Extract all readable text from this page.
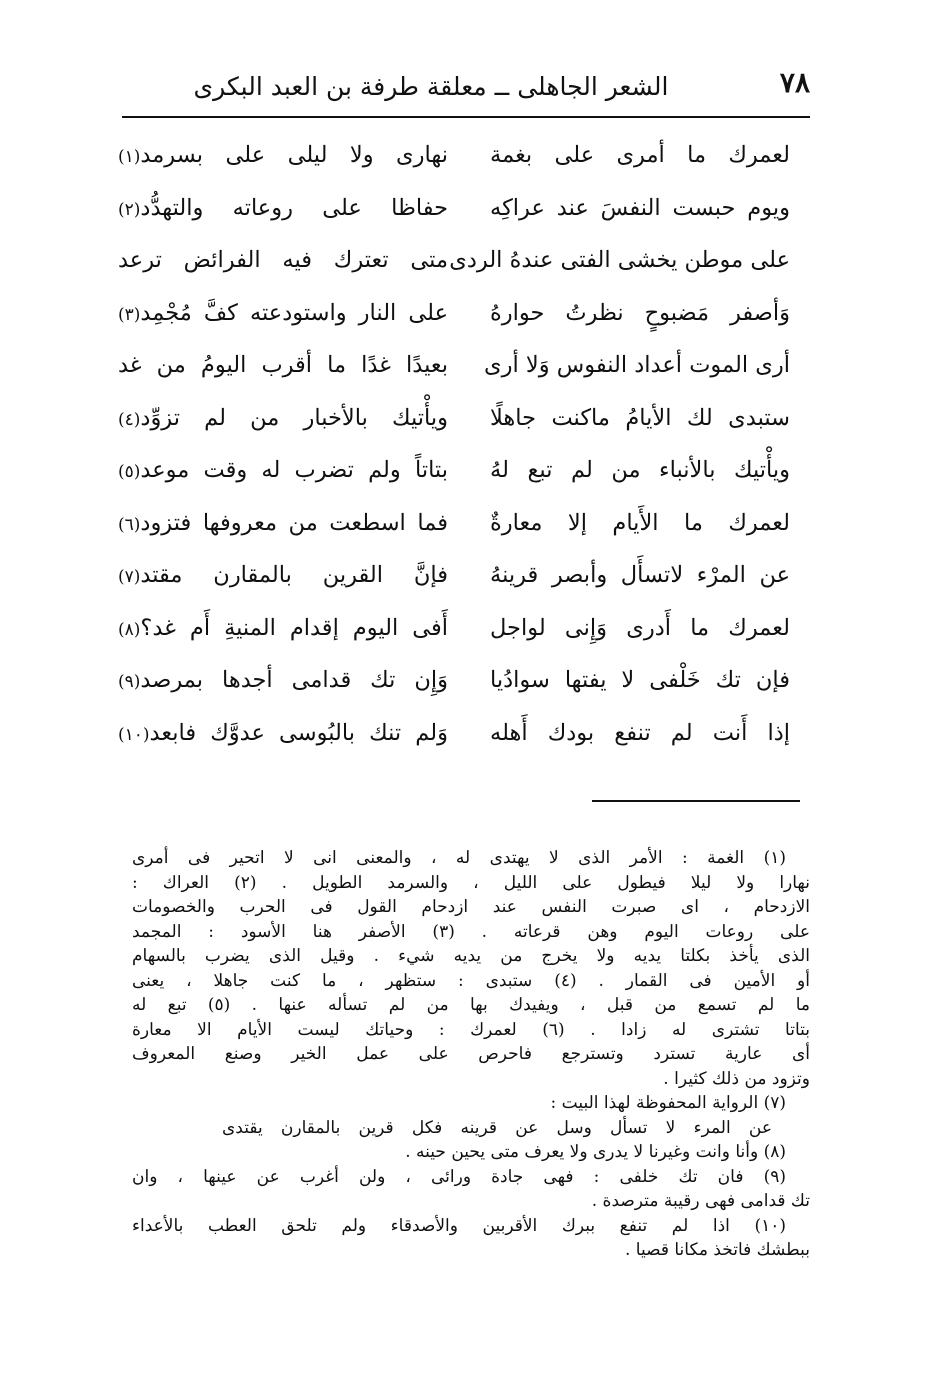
٧٨
الشعر الجاهلى ــ معلقة طرفة بن العبد البكرى
لعمرك ما أمرى على بغمة
نهارى ولا ليلى على بسرمد(١)
ويوم حبست النفسَ عند عراكِه
حفاظا على روعاته والتهدُّد(٢)
على موطن يخشى الفتى عندهُ الردى
متى تعترك فيه الفرائض ترعد
وَأصفر مَضبوحٍ نظرتُ حوارهُ
على النار واستودعته كفَّ مُجْمِد(٣)
أرى الموت أعداد النفوس وَلا أرى
بعيدًا غدًا ما أقرب اليومُ من غد
ستبدى لك الأيامُ ماكنت جاهلًا
ويأْتيك بالأخبار من لم تزوِّد(٤)
ويأْتيك بالأنباء من لم تبع لهُ
بتاتاً ولم تضرب له وقت موعد(٥)
لعمرك ما الأَيام إلا معارةٌ
فما اسطعت من معروفها فتزود(٦)
عن المرْء لاتسأَل وأبصر قرينهُ
فإنَّ القرين بالمقارن مقتد(٧)
لعمرك ما أَدرى وَإِنى لواجل
أَفى اليوم إقدام المنيةِ أَم غد؟(٨)
فإن تك خَلْفى لا يفتها سوادُيا
وَإِن تك قدامى أجدها بمرصد(٩)
إذا أَنت لم تنفع بودك أَهله
وَلم تنك بالبُوسى عدوَّك فابعد(١٠)
(١) الغمة : الأمر الذى لا يهتدى له ، والمعنى انى لا اتحير فى أمرى
نهارا ولا ليلا فيطول على الليل ، والسرمد الطويل . (٢) العراك :
الازدحام ، اى صبرت النفس عند ازدحام القول فى الحرب والخصومات
على روعات اليوم وهن قرعاته . (٣) الأصفر هنا الأسود : المجمد
الذى يأخذ بكلتا يديه ولا يخرج من يديه شيء . وقيل الذى يضرب بالسهام
أو الأمين فى القمار . (٤) ستبدى : ستظهر ، ما كنت جاهلا ، يعنى
ما لم تسمع من قبل ، ويفيدك بها من لم تسأله عنها . (٥) تبع له
بتاتا تشترى له زادا . (٦) لعمرك : وحياتك ليست الأيام الا معارة
أى عارية تسترد وتسترجع فاحرص على عمل الخير وصنع المعروف
وتزود من ذلك كثيرا .
(٧) الرواية المحفوظة لهذا البيت :
عن المرء لا تسأل وسل عن قرينه فكل قرين بالمقارن يقتدى
(٨) وأنا وانت وغيرنا لا يدرى ولا يعرف متى يحين حينه .
(٩) فان تك خلفى : فهى جادة ورائى ، ولن أغرب عن عينها ، وان
تك قدامى فهى رقيبة مترصدة .
(١٠) اذا لم تنفع ببرك الأقربين والأصدقاء ولم تلحق العطب بالأعداء
ببطشك فاتخذ مكانا قصيا .
